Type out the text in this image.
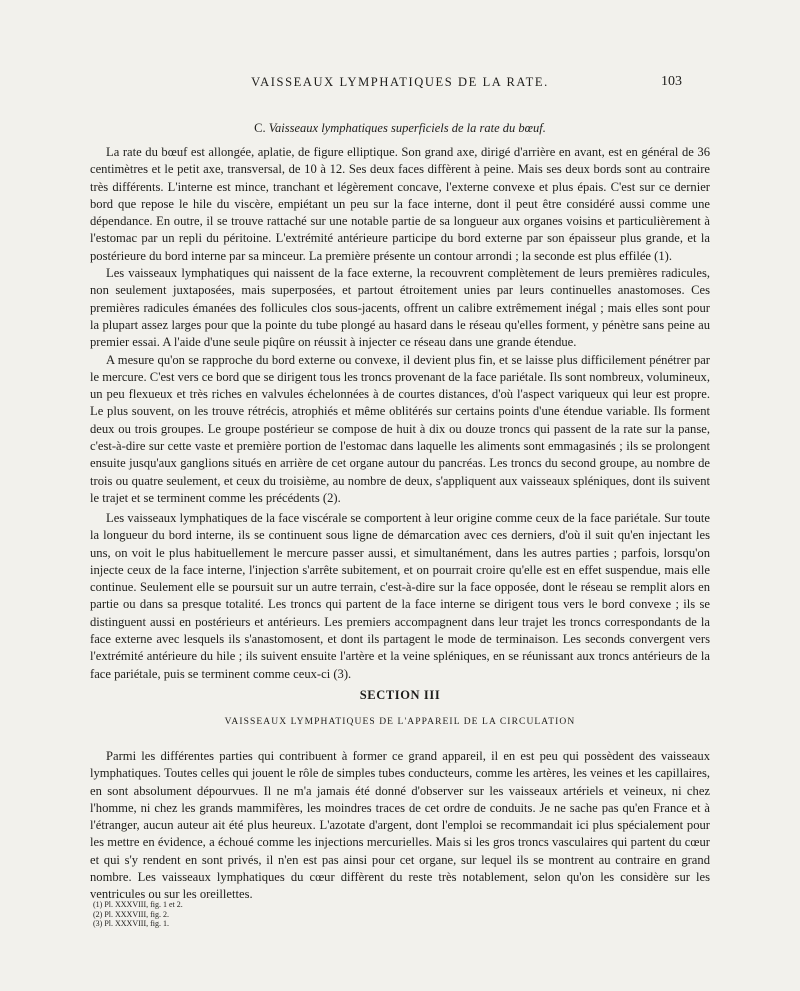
VAISSEAUX LYMPHATIQUES DE LA RATE.	103
C. Vaisseaux lymphatiques superficiels de la rate du bœuf.

La rate du bœuf est allongée, aplatie, de figure elliptique. Son grand axe, dirigé d'arrière en avant, est en général de 36 centimètres et le petit axe, transversal, de 10 à 12. Ses deux faces diffèrent à peine. Mais ses deux bords sont au contraire très différents. L'interne est mince, tranchant et légèrement concave, l'externe convexe et plus épais. C'est sur ce dernier bord que repose le hile du viscère, empiétant un peu sur la face interne, dont il peut être considéré aussi comme une dépendance. En outre, il se trouve rattaché sur une notable partie de sa longueur aux organes voisins et particulièrement à l'estomac par un repli du péritoine. L'extrémité antérieure participe du bord externe par son épaisseur plus grande, et la postérieure du bord interne par sa minceur. La première présente un contour arrondi ; la seconde est plus effilée (1).

Les vaisseaux lymphatiques qui naissent de la face externe, la recouvrent complètement de leurs premières radicules, non seulement juxtaposées, mais superposées, et partout étroitement unies par leurs continuelles anastomoses. Ces premières radicules émanées des follicules clos sous-jacents, offrent un calibre extrêmement inégal ; mais elles sont pour la plupart assez larges pour que la pointe du tube plongé au hasard dans le réseau qu'elles forment, y pénètre sans peine au premier essai. A l'aide d'une seule piqûre on réussit à injecter ce réseau dans une grande étendue.

A mesure qu'on se rapproche du bord externe ou convexe, il devient plus fin, et se laisse plus difficilement pénétrer par le mercure. C'est vers ce bord que se dirigent tous les troncs provenant de la face pariétale. Ils sont nombreux, volumineux, un peu flexueux et très riches en valvules échelonnées à de courtes distances, d'où l'aspect variqueux qui leur est propre. Le plus souvent, on les trouve rétrécis, atrophiés et même oblitérés sur certains points d'une étendue variable. Ils forment deux ou trois groupes. Le groupe postérieur se compose de huit à dix ou douze troncs qui passent de la rate sur la panse, c'est-à-dire sur cette vaste et première portion de l'estomac dans laquelle les aliments sont emmagasinés ; ils se prolongent ensuite jusqu'aux ganglions situés en arrière de cet organe autour du pancréas. Les troncs du second groupe, au nombre de trois ou quatre seulement, et ceux du troisième, au nombre de deux, s'appliquent aux vaisseaux spléniques, dont ils suivent le trajet et se terminent comme les précédents (2).

Les vaisseaux lymphatiques de la face viscérale se comportent à leur origine comme ceux de la face pariétale. Sur toute la longueur du bord interne, ils se continuent sous ligne de démarcation avec ces derniers, d'où il suit qu'en injectant les uns, on voit le plus habituellement le mercure passer aussi, et simultanément, dans les autres parties ; parfois, lorsqu'on injecte ceux de la face interne, l'injection s'arrête subitement, et on pourrait croire qu'elle est en effet suspendue, mais elle continue. Seulement elle se poursuit sur un autre terrain, c'est-à-dire sur la face opposée, dont le réseau se remplit alors en partie ou dans sa presque totalité. Les troncs qui partent de la face interne se dirigent tous vers le bord convexe ; ils se distinguent aussi en postérieurs et antérieurs. Les premiers accompagnent dans leur trajet les troncs correspondants de la face externe avec lesquels ils s'anastomosent, et dont ils partagent le mode de terminaison. Les seconds convergent vers l'extrémité antérieure du hile ; ils suivent ensuite l'artère et la veine spléniques, en se réunissant aux troncs antérieurs de la face pariétale, puis se terminent comme ceux-ci (3).

SECTION III
VAISSEAUX LYMPHATIQUES DE L'APPAREIL DE LA CIRCULATION

Parmi les différentes parties qui contribuent à former ce grand appareil, il en est peu qui possèdent des vaisseaux lymphatiques. Toutes celles qui jouent le rôle de simples tubes conducteurs, comme les artères, les veines et les capillaires, en sont absolument dépourvues. Il ne m'a jamais été donné d'observer sur les vaisseaux artériels et veineux, ni chez l'homme, ni chez les grands mammifères, les moindres traces de cet ordre de conduits. Je ne sache pas qu'en France et à l'étranger, aucun auteur ait été plus heureux. L'azotate d'argent, dont l'emploi se recommandait ici plus spécialement pour les mettre en évidence, a échoué comme les injections mercurielles. Mais si les gros troncs vasculaires qui partent du cœur et qui s'y rendent en sont privés, il n'en est pas ainsi pour cet organe, sur lequel ils se montrent au contraire en grand nombre. Les vaisseaux lymphatiques du cœur diffèrent du reste très notablement, selon qu'on les considère sur les ventricules ou sur les oreillettes.

(1) Pl. XXXVIII, fig. 1 et 2.
(2) Pl. XXXVIII, fig. 2.
(3) Pl. XXXVIII, fig. 1.
